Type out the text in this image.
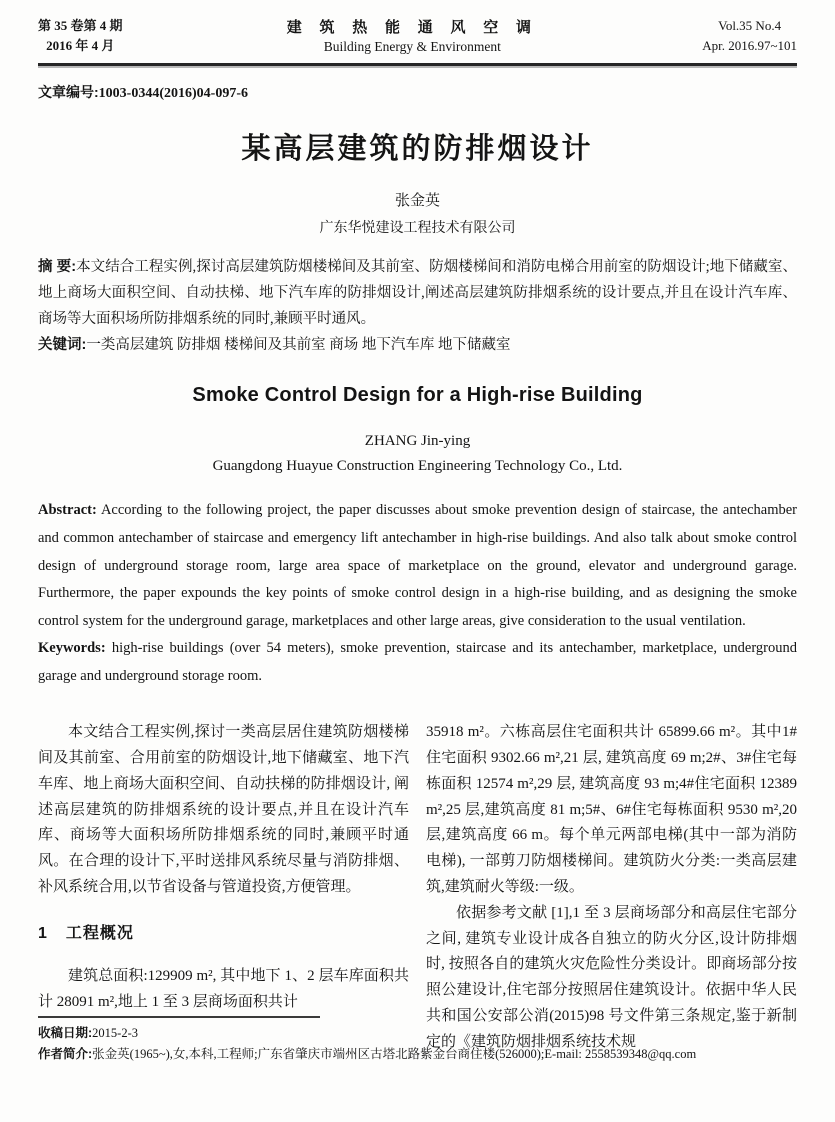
第 35 卷第 4 期
2016 年 4 月
建 筑 热 能 通 风 空 调
Building Energy & Environment
Vol.35 No.4
Apr. 2016.97~101
文章编号:1003-0344(2016)04-097-6
某高层建筑的防排烟设计
张金英
广东华悦建设工程技术有限公司
摘 要:本文结合工程实例,探讨高层建筑防烟楼梯间及其前室、防烟楼梯间和消防电梯合用前室的防烟设计;地下储藏室、地上商场大面积空间、自动扶梯、地下汽车库的防排烟设计,阐述高层建筑防排烟系统的设计要点,并且在设计汽车库、商场等大面积场所防排烟系统的同时,兼顾平时通风。
关键词:一类高层建筑 防排烟 楼梯间及其前室 商场 地下汽车库 地下储藏室
Smoke Control Design for a High-rise Building
ZHANG Jin-ying
Guangdong Huayue Construction Engineering Technology Co., Ltd.
Abstract: According to the following project, the paper discusses about smoke prevention design of staircase, the antechamber and common antechamber of staircase and emergency lift antechamber in high-rise buildings. And also talk about smoke control design of underground storage room, large area space of marketplace on the ground, elevator and underground garage. Furthermore, the paper expounds the key points of smoke control design in a high-rise building, and as designing the smoke control system for the underground garage, marketplaces and other large areas, give consideration to the usual ventilation.
Keywords: high-rise buildings (over 54 meters), smoke prevention, staircase and its antechamber, marketplace, underground garage and underground storage room.

本文结合工程实例,探讨一类高层居住建筑防烟楼梯间及其前室、合用前室的防烟设计,地下储藏室、地下汽车库、地上商场大面积空间、自动扶梯的防排烟设计, 阐述高层建筑的防排烟系统的设计要点,并且在设计汽车库、商场等大面积场所防排烟系统的同时,兼顾平时通风。在合理的设计下,平时送排风系统尽量与消防排烟、补风系统合用,以节省设备与管道投资,方便管理。

1 工程概况

建筑总面积:129909 m², 其中地下 1、2 层车库面积共计 28091 m²,地上 1 至 3 层商场面积共计

35918 m²。六栋高层住宅面积共计 65899.66 m²。其中1#住宅面积 9302.66 m²,21 层, 建筑高度 69 m;2#、3#住宅每栋面积 12574 m²,29 层, 建筑高度 93 m;4#住宅面积 12389 m²,25 层,建筑高度 81 m;5#、6#住宅每栋面积 9530 m²,20 层,建筑高度 66 m。每个单元两部电梯(其中一部为消防电梯), 一部剪刀防烟楼梯间。建筑防火分类:一类高层建筑,建筑耐火等级:一级。

依据参考文献 [1],1 至 3 层商场部分和高层住宅部分之间, 建筑专业设计成各自独立的防火分区,设计防排烟时, 按照各自的建筑火灾危险性分类设计。即商场部分按照公建设计,住宅部分按照居住建筑设计。依据中华人民共和国公安部公消(2015)98 号文件第三条规定,鉴于新制定的《建筑防烟排烟系统技术规

收稿日期:2015-2-3
作者简介:张金英(1965~),女,本科,工程师;广东省肇庆市端州区古塔北路紫金台商住楼(526000);E-mail: 2558539348@qq.com
